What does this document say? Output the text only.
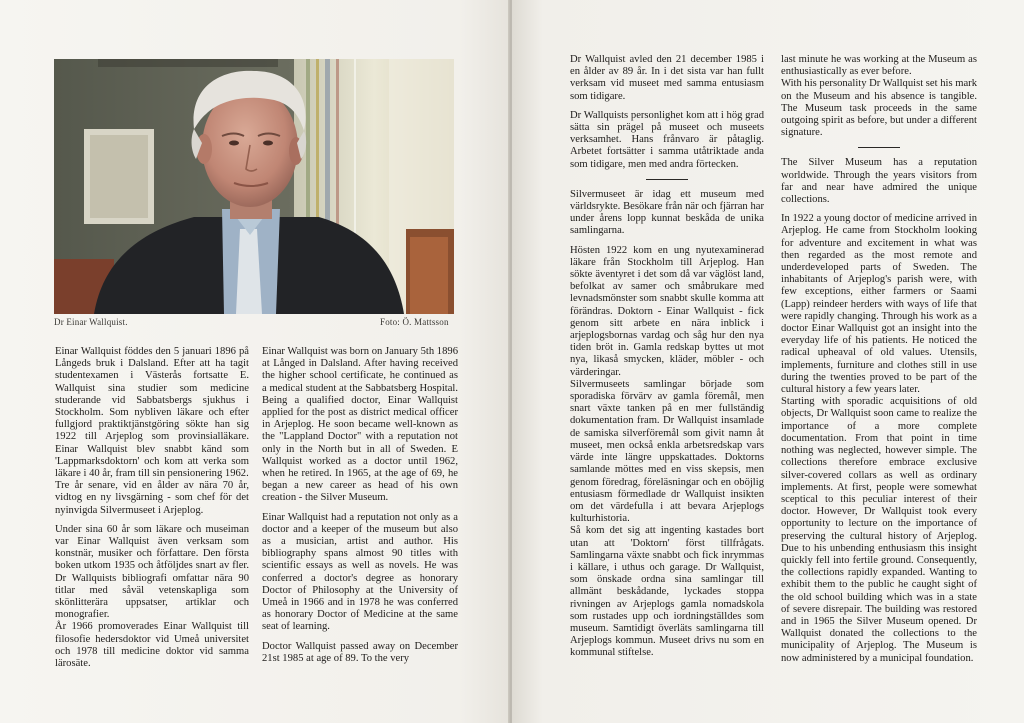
Dr Einar Wallquist.	Foto: Ö. Mattsson

Einar Wallquist föddes den 5 januari 1896 på Långeds bruk i Dalsland. Efter att ha tagit studentexamen i Västerås fortsatte E. Wallquist sina studier som medicine studerande vid Sabbatsbergs sjukhus i Stockholm. Som nybliven läkare och efter fullgjord praktiktjänstgöring sökte han sig 1922 till Arjeplog som provinsialläkare. Einar Wallquist blev snabbt känd som 'Lappmarksdoktorn' och kom att verka som läkare i 40 år, fram till sin pensionering 1962.

Tre år senare, vid en ålder av nära 70 år, vidtog en ny livsgärning - som chef för det nyinvigda Silvermuseet i Arjeplog.

Under sina 60 år som läkare och museiman var Einar Wallquist även verksam som konstnär, musiker och författare. Den första boken utkom 1935 och åtföljdes snart av fler. Dr Wallquists bibliografi omfattar nära 90 titlar med såväl vetenskapliga som skönlitterära uppsatser, artiklar och monografier.

År 1966 promoverades Einar Wallquist till filosofie hedersdoktor vid Umeå universitet och 1978 till medicine doktor vid samma lärosäte.

Einar Wallquist was born on January 5th 1896 at Långed in Dalsland. After having received the higher school certificate, he continued as a medical student at the Sabbatsberg Hospital. Being a qualified doctor, Einar Wallquist applied for the post as district medical officer in Arjeplog. He soon became well-known as the "Lappland Doctor" with a reputation not only in the North but in all of Sweden. E Wallquist worked as a doctor until 1962, when he retired. In 1965, at the age of 69, he began a new career as head of his own creation - the Silver Museum.

Einar Wallquist had a reputation not only as a doctor and a keeper of the museum but also as a musician, artist and author. His bibliography spans almost 90 titles with scientific essays as well as novels. He was conferred a doctor's degree as honorary Doctor of Philosophy at the University of Umeå in 1966 and in 1978 he was conferred as honorary Doctor of Medicine at the same seat of learning.

Doctor Wallquist passed away on December 21st 1985 at age of 89. To the very

Dr Wallquist avled den 21 december 1985 i en ålder av 89 år. In i det sista var han fullt verksam vid museet med samma entusiasm som tidigare.

Dr Wallquists personlighet kom att i hög grad sätta sin prägel på museet och museets verksamhet. Hans frånvaro är påtaglig. Arbetet fortsätter i samma utåtriktade anda som tidigare, men med andra förtecken.

Silvermuseet är idag ett museum med världsrykte. Besökare från när och fjärran har under årens lopp kunnat beskåda de unika samlingarna.

Hösten 1922 kom en ung nyutexaminerad läkare från Stockholm till Arjeplog. Han sökte äventyret i det som då var väglöst land, befolkat av samer och småbrukare med levnadsmönster som snabbt skulle komma att förändras. Doktorn - Einar Wallquist - fick genom sitt arbete en nära inblick i arjeplogsbornas vardag och såg hur den nya tiden bröt in. Gamla redskap byttes ut mot nya, likaså smycken, kläder, möbler - och värderingar.

Silvermuseets samlingar började som sporadiska förvärv av gamla föremål, men snart växte tanken på en mer fullständig dokumentation fram. Dr Wallquist insamlade de samiska silverföremål som givit namn åt museet, men också enkla arbetsredskap vars värde inte längre uppskattades. Doktorns samlande möttes med en viss skepsis, men genom föredrag, föreläsningar och en oböjlig entusiasm förmedlade dr Wallquist insikten om det värdefulla i att bevara Arjeplogs kulturhistoria.

Så kom det sig att ingenting kastades bort utan att 'Doktorn' först tillfrågats. Samlingarna växte snabbt och fick inrymmas i källare, i uthus och garage. Dr Wallquist, som önskade ordna sina samlingar till allmänt beskådande, lyckades stoppa rivningen av Arjeplogs gamla nomadskola som rustades upp och iordningställdes som museum. Samtidigt överläts samlingarna till Arjeplogs kommun. Museet drivs nu som en kommunal stiftelse.

last minute he was working at the Museum as enthusiastically as ever before.

With his personality Dr Wallquist set his mark on the Museum and his absence is tangible. The Museum task proceeds in the same outgoing spirit as before, but under a different signature.

The Silver Museum has a reputation worldwide. Through the years visitors from far and near have admired the unique collections.

In 1922 a young doctor of medicine arrived in Arjeplog. He came from Stockholm looking for adventure and excitement in what was then regarded as the most remote and underdeveloped parts of Sweden. The inhabitants of Arjeplog's parish were, with few exceptions, either farmers or Saami (Lapp) reindeer herders with ways of life that were rapidly changing. Through his work as a doctor Einar Wallquist got an insight into the everyday life of his patients. He noticed the radical upheaval of old values. Utensils, implements, furniture and clothes still in use during the twenties proved to be part of the cultural history a few years later.

Starting with sporadic acquisitions of old objects, Dr Wallquist soon came to realize the importance of a more complete documentation. From that point in time nothing was neglected, however simple. The collections therefore embrace exclusive silver-covered collars as well as ordinary implements. At first, people were somewhat sceptical to this peculiar interest of their doctor. However, Dr Wallquist took every opportunity to lecture on the importance of preserving the cultural history of Arjeplog. Due to his unbending enthusiasm this insight quickly fell into fertile ground. Consequently, the collections rapidly expanded. Wanting to exhibit them to the public he caught sight of the old school building which was in a state of severe disrepair. The building was restored and in 1965 the Silver Museum opened. Dr Wallquist donated the collections to the municipality of Arjeplog. The Museum is now administered by a municipal foundation.
